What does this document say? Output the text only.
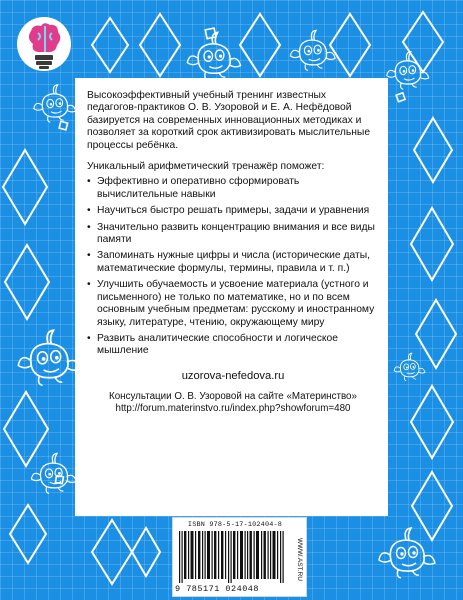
Высокоэффективный учебный тренинг известных педагогов-практиков О. В. Узоровой и Е. А. Нефёдовой базируется на современных инновационных методиках и позволяет за короткий срок активизировать мыслительные процессы ребёнка.

Уникальный арифметический тренажёр поможет:

• Эффективно и оперативно сформировать вычислительные навыки
• Научиться быстро решать примеры, задачи и уравнения
• Значительно развить концентрацию внимания и все виды памяти
• Запоминать нужные цифры и числа (исторические даты, математические формулы, термины, правила и т. п.)
• Улучшить обучаемость и усвоение материала (устного и письменного) не только по математике, но и по всем основным учебным предметам: русскому и иностранному языку, литературе, чтению, окружающему миру
• Развить аналитические способности и логическое мышление
uzorova-nefedova.ru
Консультации О. В. Узоровой на сайте «Материнство»
http://forum.materinstvo.ru/index.php?showforum=480
ISBN 978-5-17-102404-8
9 785171 024048
WWW.AST.RU
